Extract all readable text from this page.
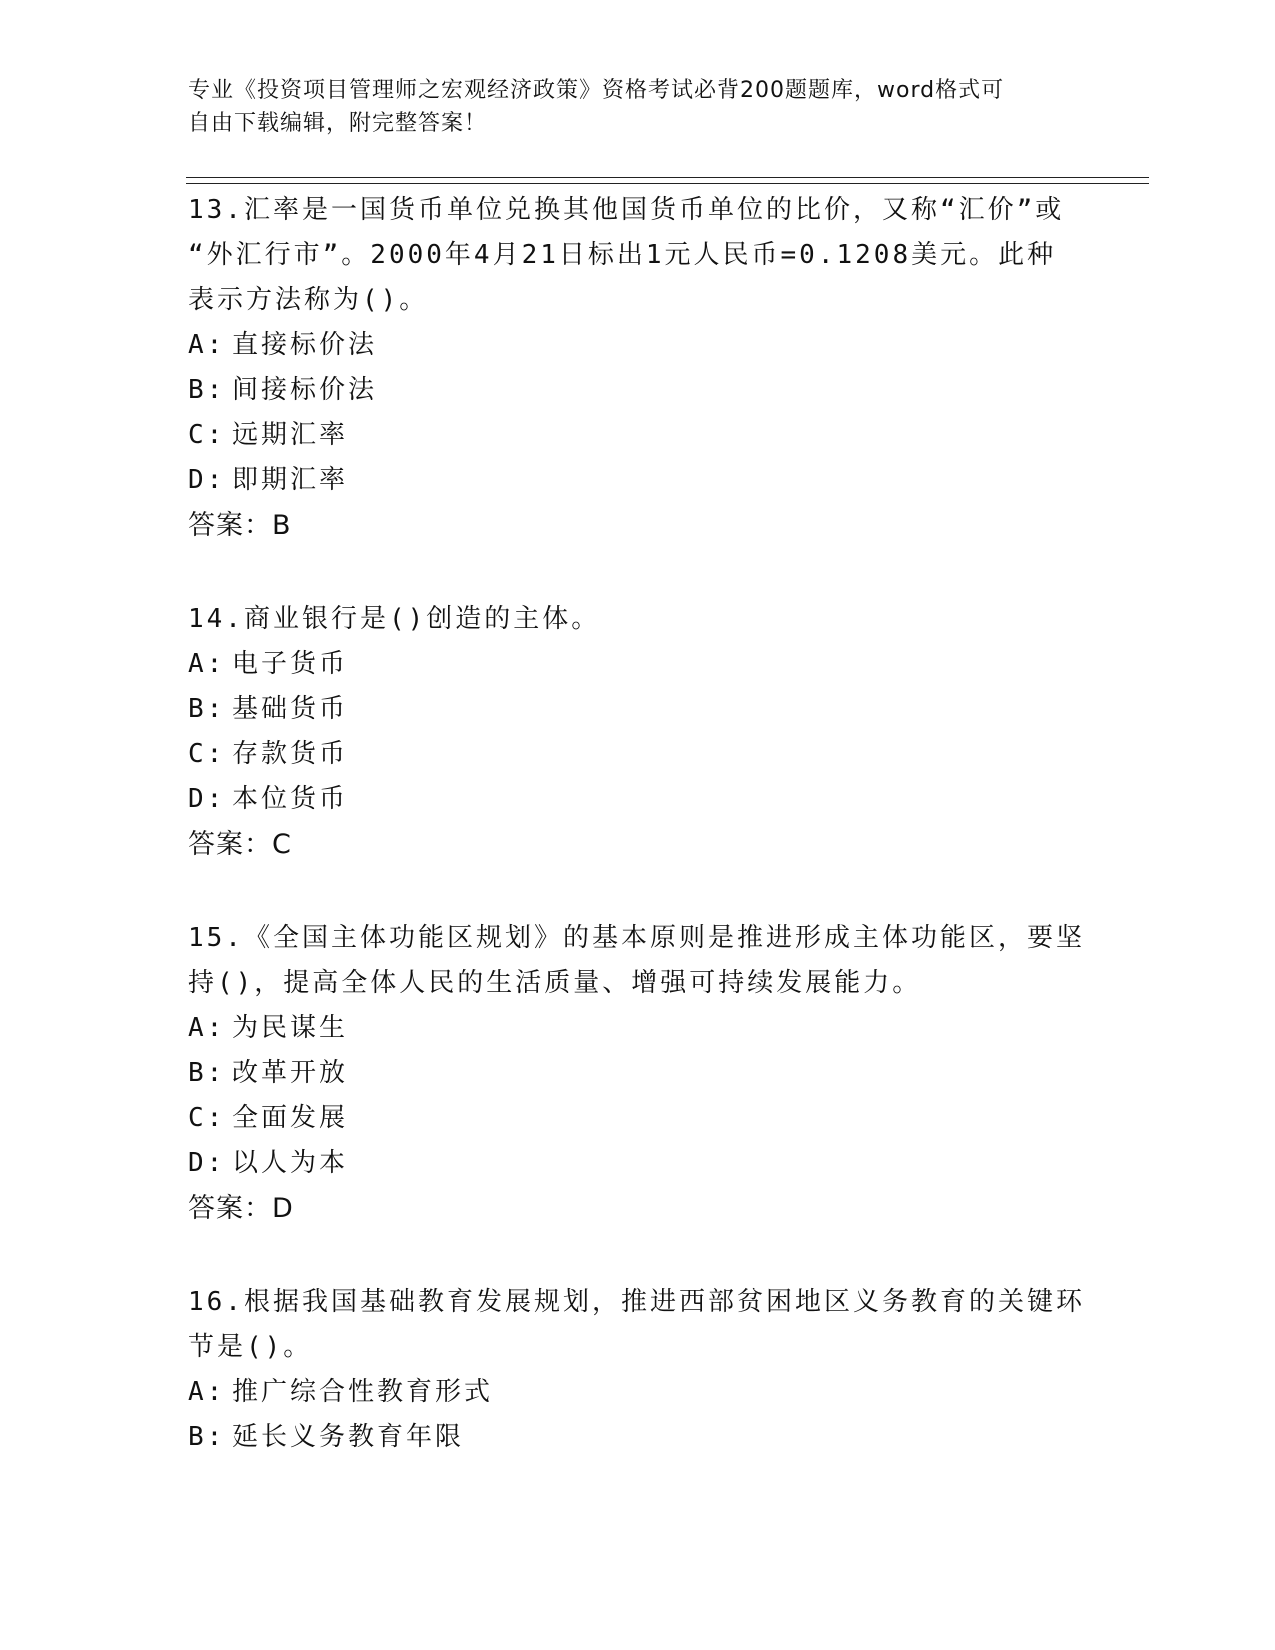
专业《投资项目管理师之宏观经济政策》资格考试必背200题题库，word格式可
自由下载编辑，附完整答案！
13.汇率是一国货币单位兑换其他国货币单位的比价，又称“汇价”或
“外汇行市”。2000年4月21日标出1元人民币=0.1208美元。此种
表示方法称为()。
A: 直接标价法
B: 间接标价法
C: 远期汇率
D: 即期汇率
答案：B
14.商业银行是()创造的主体。
A: 电子货币
B: 基础货币
C: 存款货币
D: 本位货币
答案：C
15.《全国主体功能区规划》的基本原则是推进形成主体功能区，要坚
持()，提高全体人民的生活质量、增强可持续发展能力。
A: 为民谋生
B: 改革开放
C: 全面发展
D: 以人为本
答案：D
16.根据我国基础教育发展规划，推进西部贫困地区义务教育的关键环
节是()。
A: 推广综合性教育形式
B: 延长义务教育年限
